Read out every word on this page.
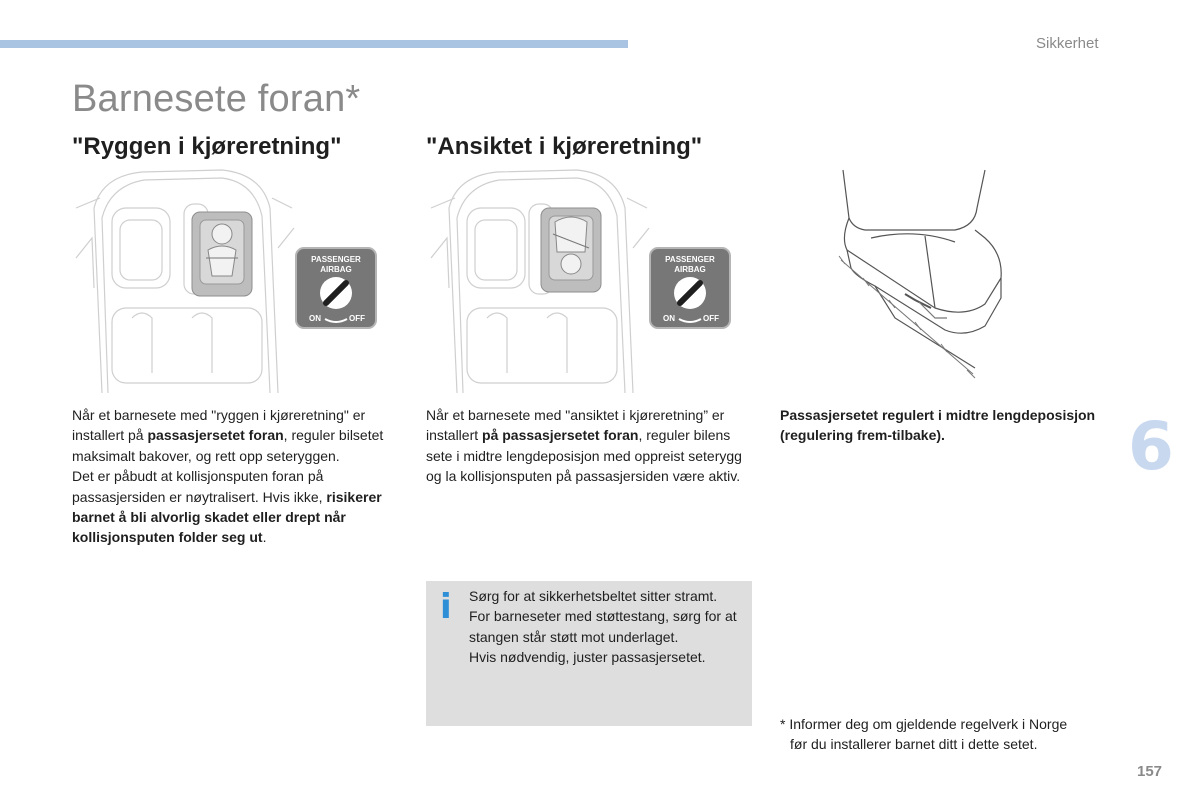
Sikkerhet
Barnesete foran*
"Ryggen i kjøreretning"	"Ansiktet i kjøreretning"
PASSENGER
AIRBAG
ON	OFF
PASSENGER
AIRBAG
ON	OFF

Når et barnesete med "ryggen i kjøreretning" er installert på passasjersetet foran, reguler bilsetet maksimalt bakover, og rett opp seteryggen.
Det er påbudt at kollisjonsputen foran på passasjersiden er nøytralisert. Hvis ikke, risikerer barnet å bli alvorlig skadet eller drept når kollisjonsputen folder seg ut.

Når et barnesete med "ansiktet i kjøreretning” er installert på passasjersetet foran, reguler bilens sete i midtre lengdeposisjon med oppreist seterygg og la kollisjonsputen på passasjersiden være aktiv.

Passasjersetet regulert i midtre lengdeposisjon (regulering frem-tilbake).

i Sørg for at sikkerhetsbeltet sitter stramt.
For barneseter med støttestang, sørg for at stangen står støtt mot underlaget.
Hvis nødvendig, juster passasjersetet.

* Informer deg om gjeldende regelverk i Norge

før du installerer barnet ditt i dette setet.

6
157
